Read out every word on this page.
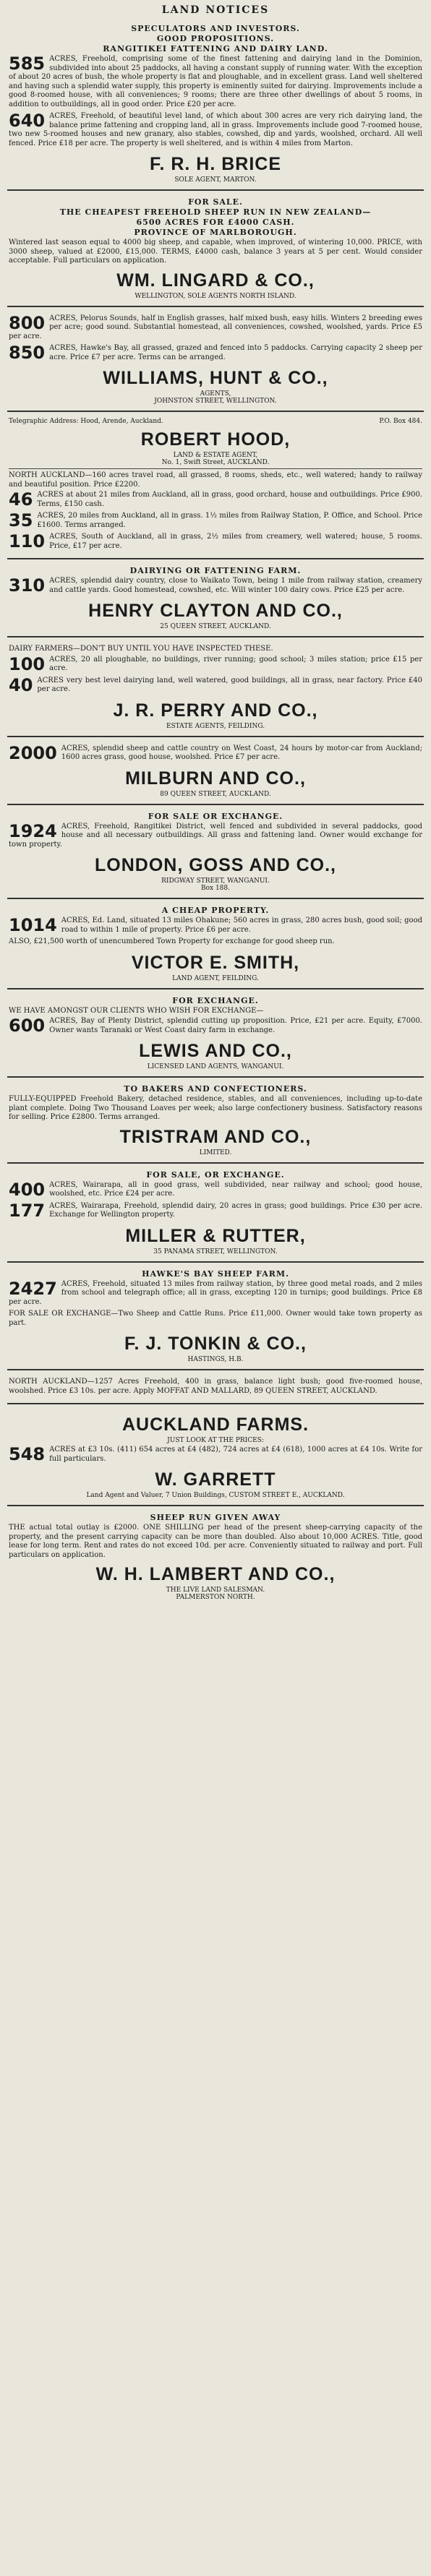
LAND NOTICES
SPECULATORS AND INVESTORS.
GOOD PROPOSITIONS.
RANGITIKEI FATTENING AND DAIRY LAND.
585 ACRES, Freehold, comprising some of the finest fattening and dairying land in the Dominion, subdivided into about 25 paddocks, all having a constant supply of running water. With the exception of about 20 acres of bush, the whole property is flat and ploughable, and in excellent grass. Land well sheltered and having such a splendid water supply, this property is eminently suited for dairying. Improvements include a good 8-roomed house, with all conveniences; 9 rooms; there are three other dwellings of about 5 rooms, in addition to outbuildings, all in good order. Price £20 per acre.
640 ACRES, Freehold, of beautiful level land, of which about 300 acres are very rich dairying land, the balance prime fattening and cropping land, all in grass. Improvements include good 7-roomed house, two new 5-roomed houses and new granary, also stables, cowshed, dip and yards, woolshed, orchard. All well fenced. Price £18 per acre. The property is well sheltered, and is within 4 miles from Marton.
F. R. H. BRICE
SOLE AGENT, MARTON.
FOR SALE.
THE CHEAPEST FREEHOLD SHEEP RUN IN NEW ZEALAND—
6500 ACRES FOR £4000 CASH.
PROVINCE OF MARLBOROUGH.
Wintered last season equal to 4000 big sheep, and capable, when improved, of wintering 10,000. PRICE, with 3000 sheep, valued at £2000, £15,000. TERMS, £4000 cash, balance 3 years at 5 per cent. Would consider acceptable. Full particulars on application.
WM. LINGARD & CO.,
WELLINGTON, SOLE AGENTS NORTH ISLAND.
800 ACRES, Pelorus Sounds, half in English grasses, half mixed bush, easy hills. Winters 2 breeding ewes per acre; good sound. Substantial homestead, all conveniences, cowshed, woolshed, yards. Price £5 per acre.
850 ACRES, Hawke's Bay, all grassed, grazed and fenced into 5 paddocks. Carrying capacity 2 sheep per acre. Price £7 per acre. Terms can be arranged.
WILLIAMS, HUNT & CO.,
AGENTS,
JOHNSTON STREET, WELLINGTON.
Telegraphic Address: Hood, Arende, Auckland.	P.O. Box 484.
ROBERT HOOD,
LAND & ESTATE AGENT,
No. 1, Swift Street, AUCKLAND.
NORTH AUCKLAND—160 acres travel road, all grassed, 8 rooms, sheds, etc., well watered; handy to railway and beautiful position. Price £2200.
46 ACRES at about 21 miles from Auckland, all in grass, good orchard, house and outbuildings. Price £900. Terms, £150 cash.
35 ACRES, 20 miles from Auckland, all in grass. 1½ miles from Railway Station, P. Office, and School. Price £1600. Terms arranged.
110 ACRES, South of Auckland, all in grass, 2½ miles from creamery, well watered; house, 5 rooms. Price, £17 per acre.
DAIRYING OR FATTENING FARM.
310 ACRES, splendid dairy country, close to Waikato Town, being 1 mile from railway station, creamery and cattle yards. Good homestead, cowshed, etc. Will winter 100 dairy cows. Price £25 per acre.
HENRY CLAYTON AND CO.,
25 QUEEN STREET, AUCKLAND.
DAIRY FARMERS—DON'T BUY UNTIL YOU HAVE INSPECTED THESE.
100 ACRES, 20 all ploughable, no buildings, river running; good school; 3 miles station; price £15 per acre.
40 ACRES very best level dairying land, well watered, good buildings, all in grass, near factory. Price £40 per acre.
J. R. PERRY AND CO.,
ESTATE AGENTS, FEILDING.
2000 ACRES, splendid sheep and cattle country on West Coast, 24 hours by motor-car from Auckland; 1600 acres grass, good house, woolshed. Price £7 per acre.
MILBURN AND CO.,
89 QUEEN STREET, AUCKLAND.
FOR SALE OR EXCHANGE.
1924 ACRES, Freehold, Rangitikei District, well fenced and subdivided in several paddocks, good house and all necessary outbuildings. All grass and fattening land. Owner would exchange for town property.
LONDON, GOSS AND CO.,
RIDGWAY STREET, WANGANUI.
Box 188.
A CHEAP PROPERTY.
1014 ACRES, Ed. Land, situated 13 miles Ohakune; 560 acres in grass, 280 acres bush, good soil; good road to within 1 mile of property. Price £6 per acre.
ALSO, £21,500 worth of unencumbered Town Property for exchange for good sheep run.
VICTOR E. SMITH,
LAND AGENT, FEILDING.
FOR EXCHANGE.
WE HAVE AMONGST OUR CLIENTS WHO WISH FOR EXCHANGE—
600 ACRES, Bay of Plenty District, splendid cutting up proposition. Price, £21 per acre. Equity, £7000. Owner wants Taranaki or West Coast dairy farm in exchange.
LEWIS AND CO.,
LICENSED LAND AGENTS, WANGANUI.
TO BAKERS AND CONFECTIONERS.
FULLY-EQUIPPED Freehold Bakery, detached residence, stables, and all conveniences, including up-to-date plant complete. Doing Two Thousand Loaves per week; also large confectionery business. Satisfactory reasons for selling. Price £2800. Terms arranged.
TRISTRAM AND CO.,
LIMITED.
FOR SALE, OR EXCHANGE.
400 ACRES, Wairarapa, all in good grass, well subdivided, near railway and school; good house, woolshed, etc. Price £24 per acre.
177 ACRES, Wairarapa, Freehold, splendid dairy, 20 acres in grass; good buildings. Price £30 per acre. Exchange for Wellington property.
MILLER & RUTTER,
35 PANAMA STREET, WELLINGTON.
HAWKE'S BAY SHEEP FARM.
2427 ACRES, Freehold, situated 13 miles from railway station, by three good metal roads, and 2 miles from school and telegraph office; all in grass, excepting 120 in turnips; good buildings. Price £8 per acre.
FOR SALE OR EXCHANGE—Two Sheep and Cattle Runs. Price £11,000. Owner would take town property as part.
F. J. TONKIN & CO.,
HASTINGS, H.B.
NORTH AUCKLAND—1257 Acres Freehold, 400 in grass, balance light bush; good five-roomed house, woolshed. Price £3 10s. per acre. Apply MOFFAT AND MALLARD, 89 QUEEN STREET, AUCKLAND.
AUCKLAND FARMS.
JUST LOOK AT THE PRICES:
548 ACRES at £3 10s. (411) 654 acres at £4 (482), 724 acres at £4 (618), 1000 acres at £4 10s. Write for full particulars.
W. GARRETT
Land Agent and Valuer, 7 Union Buildings, CUSTOM STREET E., AUCKLAND.
SHEEP RUN GIVEN AWAY
THE actual total outlay is £2000. ONE SHILLING per head of the present sheep-carrying capacity of the property, and the present carrying capacity can be more than doubled. Also about 10,000 ACRES. Title, good lease for long term. Rent and rates do not exceed 10d. per acre. Conveniently situated to railway and port. Full particulars on application.
W. H. LAMBERT AND CO.,
THE LIVE LAND SALESMAN.
PALMERSTON NORTH.
